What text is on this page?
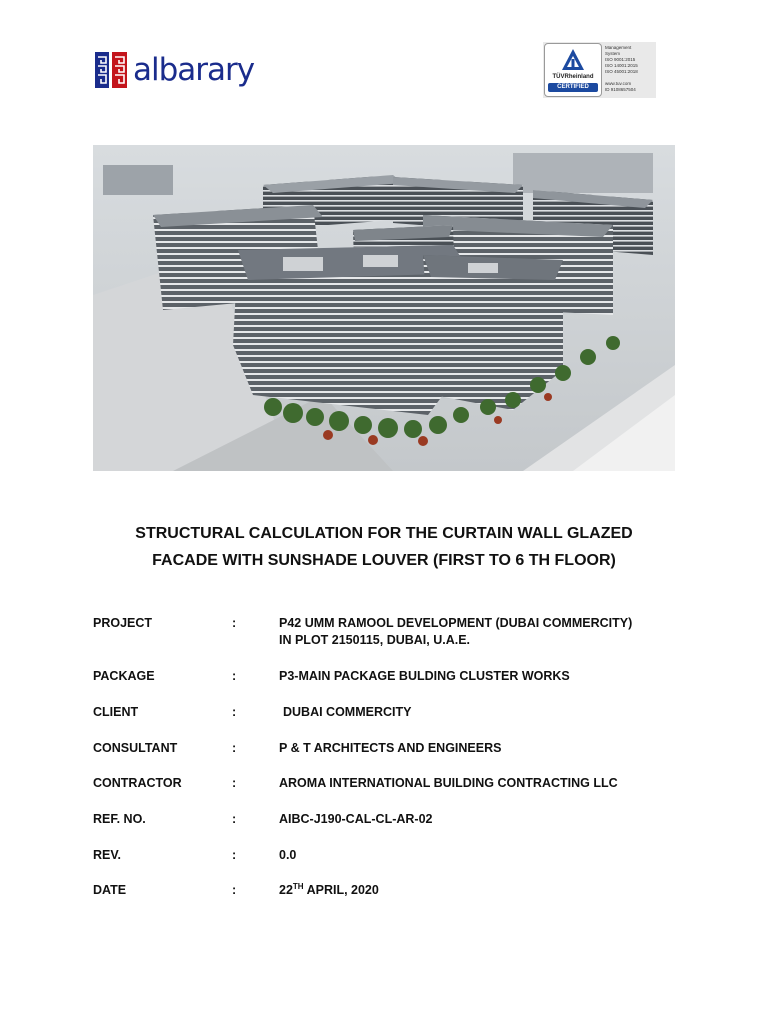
albarary	TÜVRheinland
CERTIFIED
Management
System
ISO 9001:2015
ISO 14001:2015
ISO 45001:2018
www.tuv.com
ID 9108657504
STRUCTURAL CALCULATION FOR THE CURTAIN WALL GLAZED
FACADE WITH SUNSHADE LOUVER (FIRST TO 6 TH FLOOR)
PROJECT	:	P42 UMM RAMOOL DEVELOPMENT (DUBAI COMMERCITY)
IN PLOT 2150115, DUBAI, U.A.E.
PACKAGE	:	P3-MAIN PACKAGE BULDING CLUSTER WORKS
CLIENT	:	DUBAI COMMERCITY
CONSULTANT	:	P & T ARCHITECTS AND ENGINEERS
CONTRACTOR	:	AROMA INTERNATIONAL BUILDING CONTRACTING LLC
REF. NO.	:	AIBC-J190-CAL-CL-AR-02
REV.	:	0.0
DATE	:	22TH APRIL, 2020
